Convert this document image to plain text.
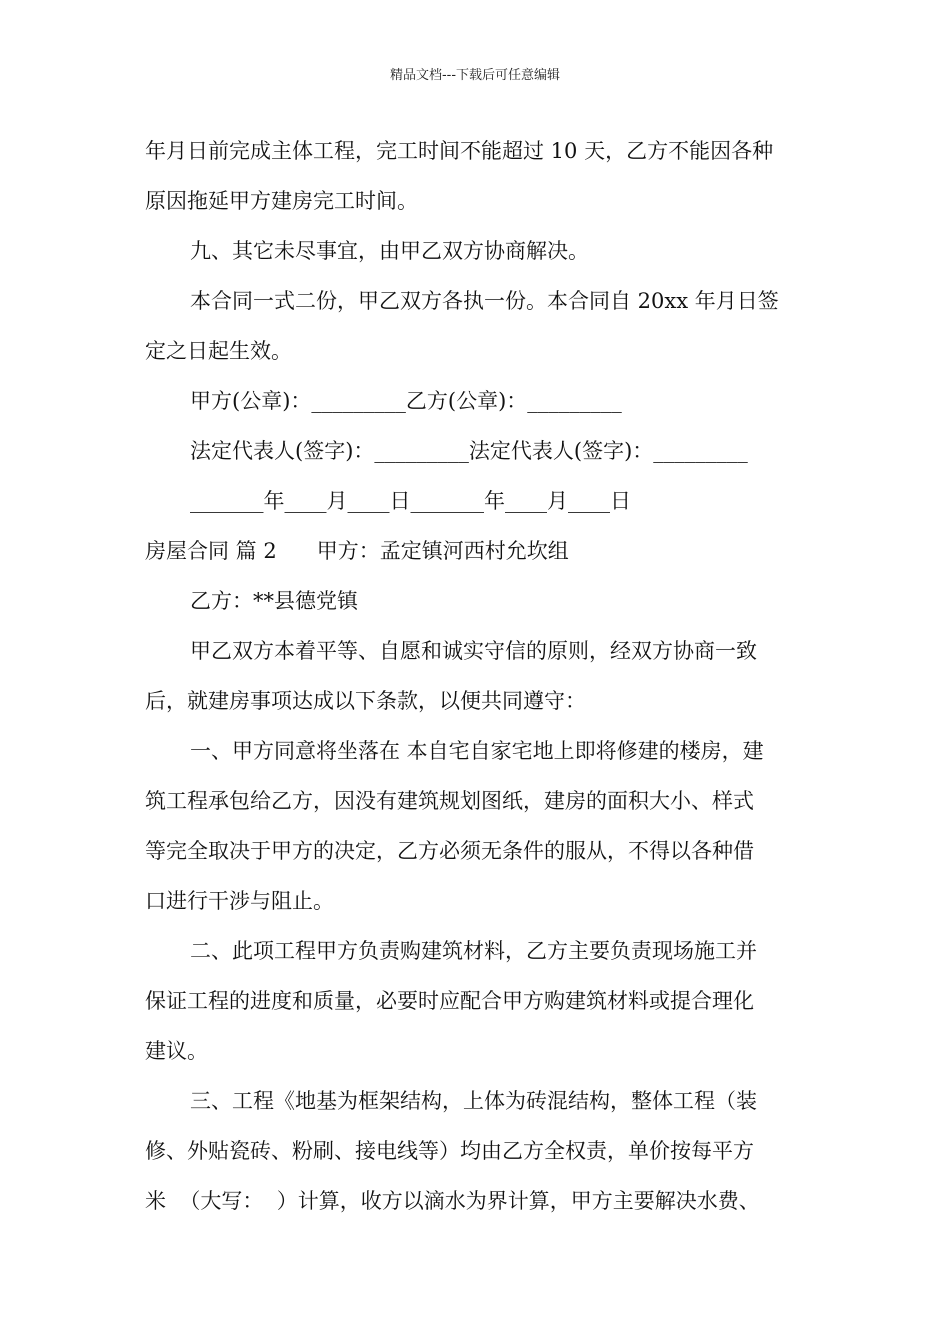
精品文档---下载后可任意编辑
年月日前完成主体工程，完工时间不能超过 10 天，乙方不能因各种
原因拖延甲方建房完工时间。
九、其它未尽事宜，由甲乙双方协商解决。
本合同一式二份，甲乙双方各执一份。本合同自 20xx 年月日签
定之日起生效。
甲方(公章)：_________乙方(公章)：_________
法定代表人(签字)：_________法定代表人(签字)：_________
_______年____月____日_______年____月____日
房屋合同 篇 2 甲方：孟定镇河西村允坎组
乙方：**县德党镇
甲乙双方本着平等、自愿和诚实守信的原则，经双方协商一致
后，就建房事项达成以下条款，以便共同遵守：
一、甲方同意将坐落在 本自宅自家宅地上即将修建的楼房，建
筑工程承包给乙方，因没有建筑规划图纸，建房的面积大小、样式
等完全取决于甲方的决定，乙方必须无条件的服从，不得以各种借
口进行干涉与阻止。
二、此项工程甲方负责购建筑材料，乙方主要负责现场施工并
保证工程的进度和质量，必要时应配合甲方购建筑材料或提合理化
建议。
三、工程《地基为框架结构，上体为砖混结构，整体工程（装
修、外贴瓷砖、粉刷、接电线等）均由乙方全权责，单价按每平方
米  （大写：  ）计算，收方以滴水为界计算，甲方主要解决水费、
